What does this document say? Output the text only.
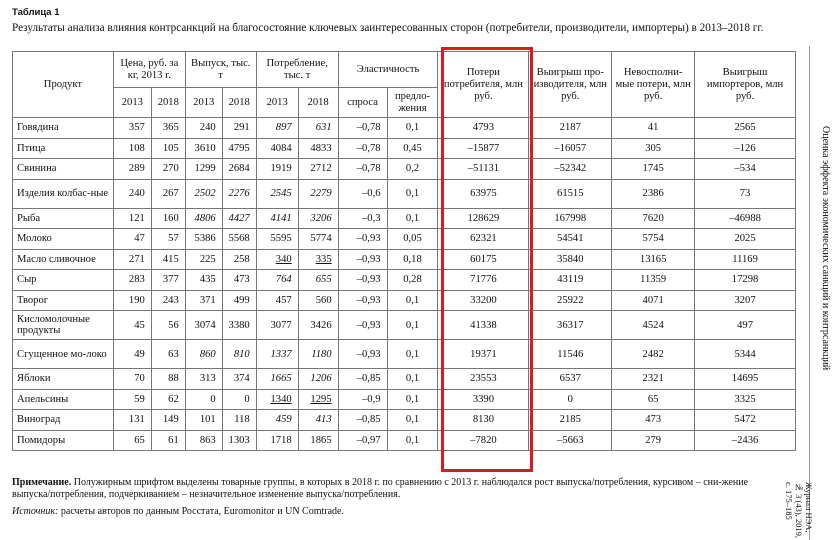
Таблица 1
Результаты анализа влияния контрсанкций на благосостояние ключевых заинтересованных сторон (потребители, производители, импортеры) в 2013–2018 гг.
Продукт	Цена, руб. за кг, 2013 г.		Выпуск, тыс. т		Потребление, тыс. т		Эластичность		Потери потребителя, млн руб.	Выигрыш про-изводителя, млн руб.	Невосполни-мые потери, млн руб.	Выигрыш импортеров, млн руб.
	2013	2018	2013	2018	2013	2018	спроса	предло-жения				
Говядина	357	365	240	291	897	631	–0,78	0,1	4793	2187	41	2565
Птица	108	105	3610	4795	4084	4833	–0,78	0,45	–15877	–16057	305	–126
Свинина	289	270	1299	2684	1919	2712	–0,78	0,2	–51131	–52342	1745	–534
Изделия колбас-ные	240	267	2502	2276	2545	2279	–0,6	0,1	63975	61515	2386	73
Рыба	121	160	4806	4427	4141	3206	–0,3	0,1	128629	167998	7620	–46988
Молоко	47	57	5386	5568	5595	5774	–0,93	0,05	62321	54541	5754	2025
Масло сливочное	271	415	225	258	340	335	–0,93	0,18	60175	35840	13165	11169
Сыр	283	377	435	473	764	655	–0,93	0,28	71776	43119	11359	17298
Творог	190	243	371	499	457	560	–0,93	0,1	33200	25922	4071	3207
Кисломолочные продукты	45	56	3074	3380	3077	3426	–0,93	0,1	41338	36317	4524	497
Сгущенное мо-локо	49	63	860	810	1337	1180	–0,93	0,1	19371	11546	2482	5344
Яблоки	70	88	313	374	1665	1206	–0,85	0,1	23553	6537	2321	14695
Апельсины	59	62	0	0	1340	1295	–0,9	0,1	3390	0	65	3325
Виноград	131	149	101	118	459	413	–0,85	0,1	8130	2185	473	5472
Помидоры	65	61	863	1303	1718	1865	–0,97	0,1	–7820	–5663	279	–2436
Примечание. Полужирным шрифтом выделены товарные группы, в которых в 2018 г. по сравнению с 2013 г. наблюдался рост выпуска/потребления, курсивом – сни-жение выпуска/потребления, подчеркиванием – незначительное изменение выпуска/потребления.
Источник: расчеты авторов по данным Росстата, Euromonitor и UN Comtrade.
Оценка эффекта экономических санкций и контрсанкций
Журнал НЭА,
№ 3 (43), 2019,
с. 175–185
